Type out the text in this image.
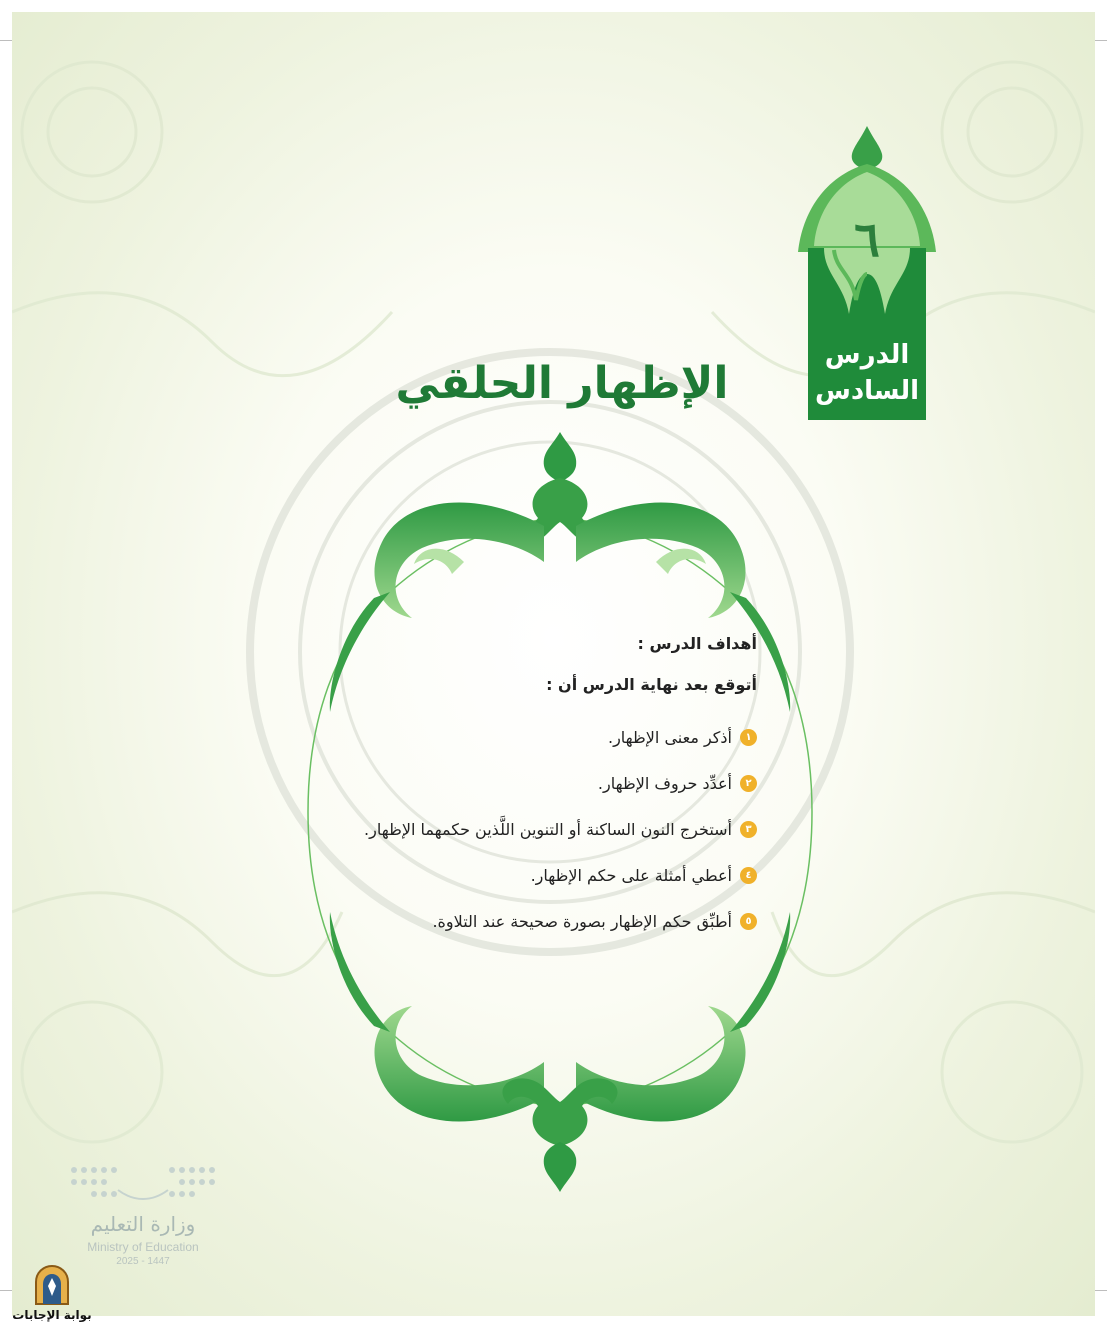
٦
الدرس
السادس
الإظهار الحلقي
أهداف الدرس :
أتوقع بعد نهاية الدرس أن :
١
أذكر معنى الإظهار.
٢
أعدِّد حروف الإظهار.
٣
أستخرج النون الساكنة أو التنوين اللَّذين حكمهما الإظهار.
٤
أعطي أمثلة على حكم الإظهار.
٥
أطبِّق حكم الإظهار بصورة صحيحة عند التلاوة.
وزارة التعليم
Ministry of Education
2025 - 1447
بوابة الإجابات
